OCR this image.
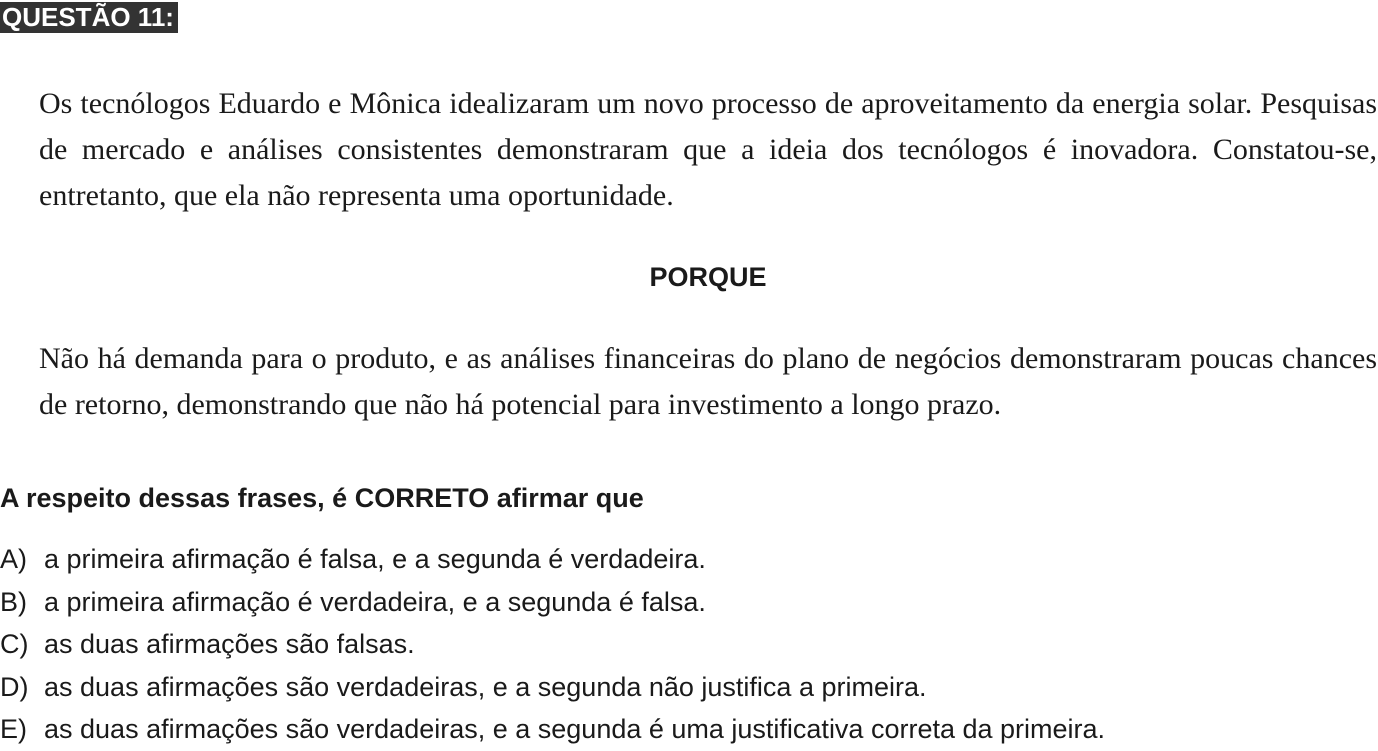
QUESTÃO 11:

Os tecnólogos Eduardo e Mônica idealizaram um novo processo de aproveitamento da energia solar. Pesquisas de mercado e análises consistentes demonstraram que a ideia dos tecnólogos é inovadora. Constatou-se, entretanto, que ela não representa uma oportunidade.

PORQUE

Não há demanda para o produto, e as análises financeiras do plano de negócios demonstraram poucas chances de retorno, demonstrando que não há potencial para investimento a longo prazo.

A respeito dessas frases, é CORRETO afirmar que

A) a primeira afirmação é falsa, e a segunda é verdadeira.
B) a primeira afirmação é verdadeira, e a segunda é falsa.
C) as duas afirmações são falsas.
D) as duas afirmações são verdadeiras, e a segunda não justifica a primeira.
E) as duas afirmações são verdadeiras, e a segunda é uma justificativa correta da primeira.
